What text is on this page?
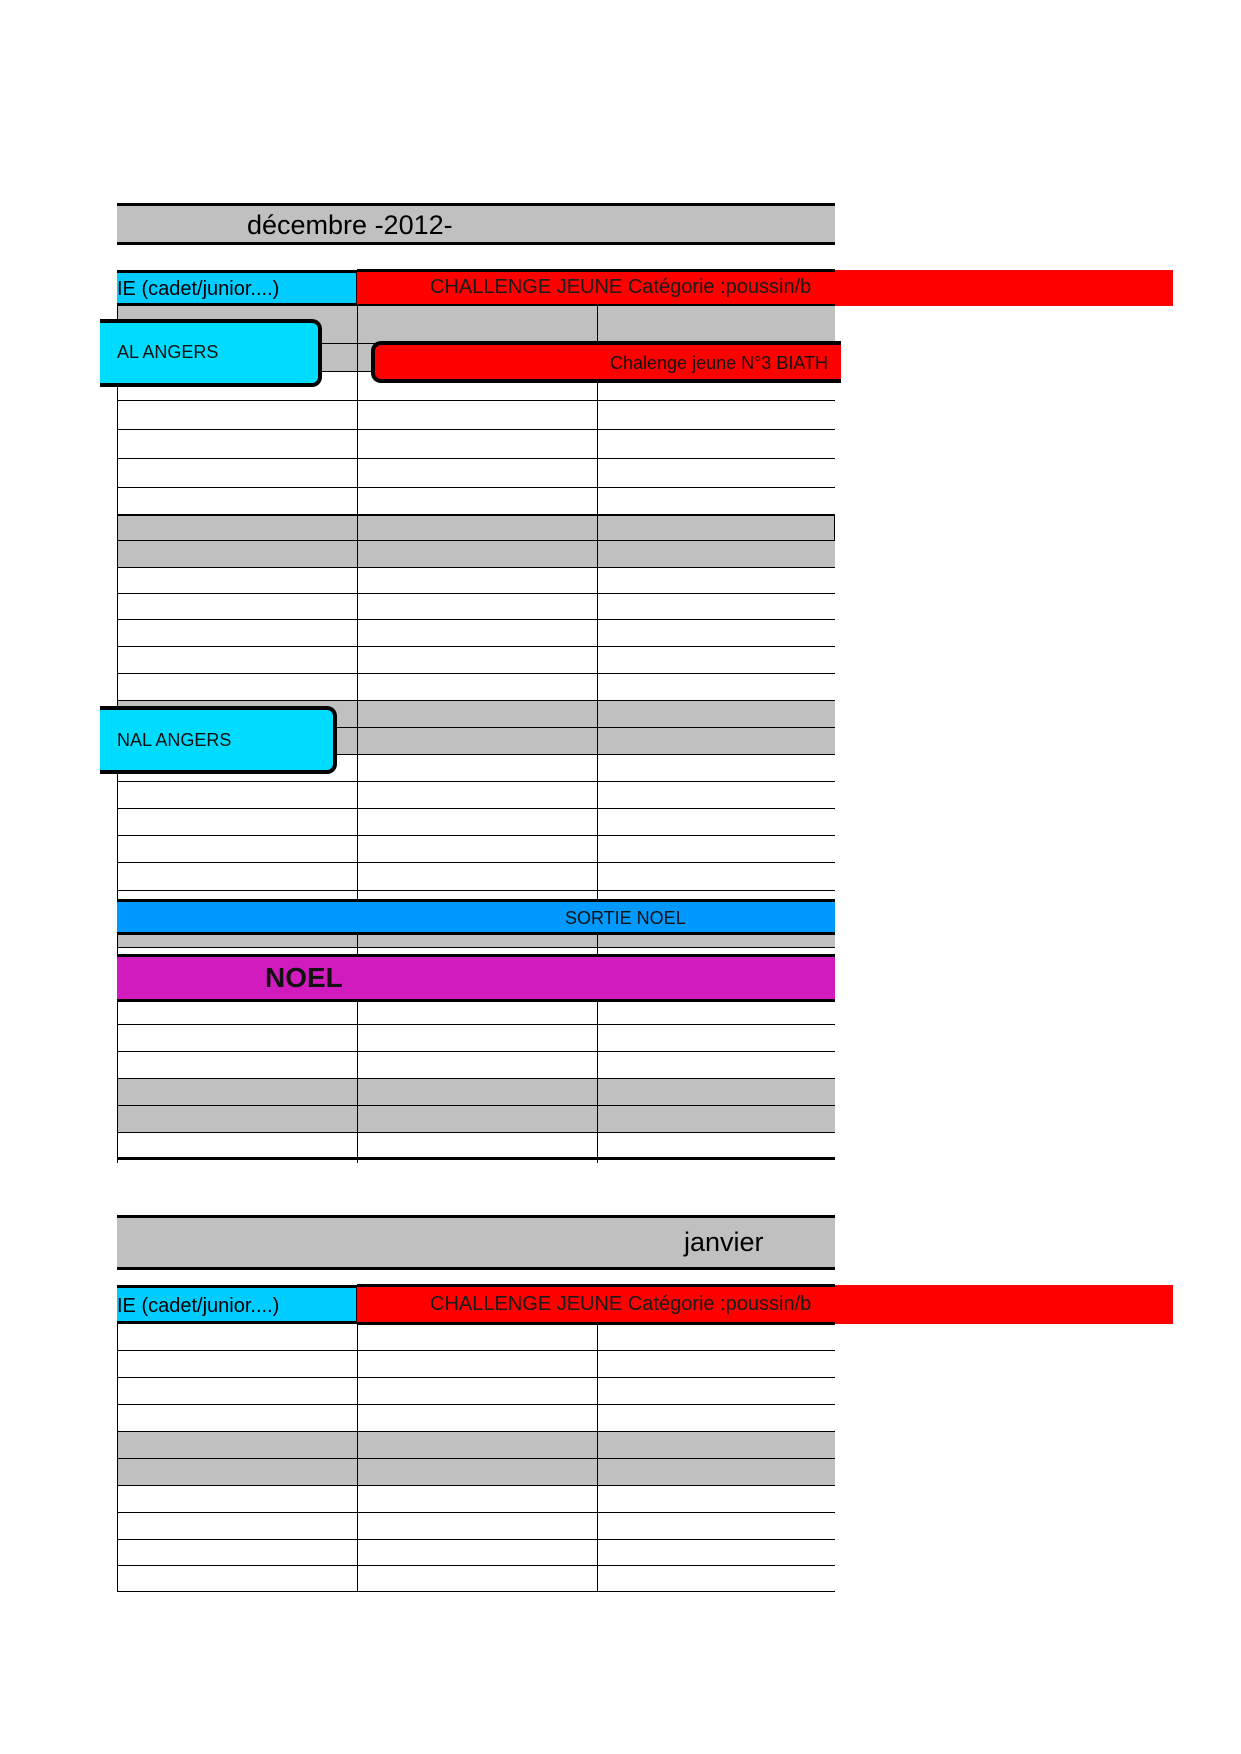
décembre -2012-
IE (cadet/junior....)	CHALLENGE JEUNE Catégorie :poussin/b
AL ANGERS
Chalenge jeune N°3 BIATH
NAL ANGERS
SORTIE NOEL
NOEL
janvier
IE (cadet/junior....)	CHALLENGE JEUNE Catégorie :poussin/b
